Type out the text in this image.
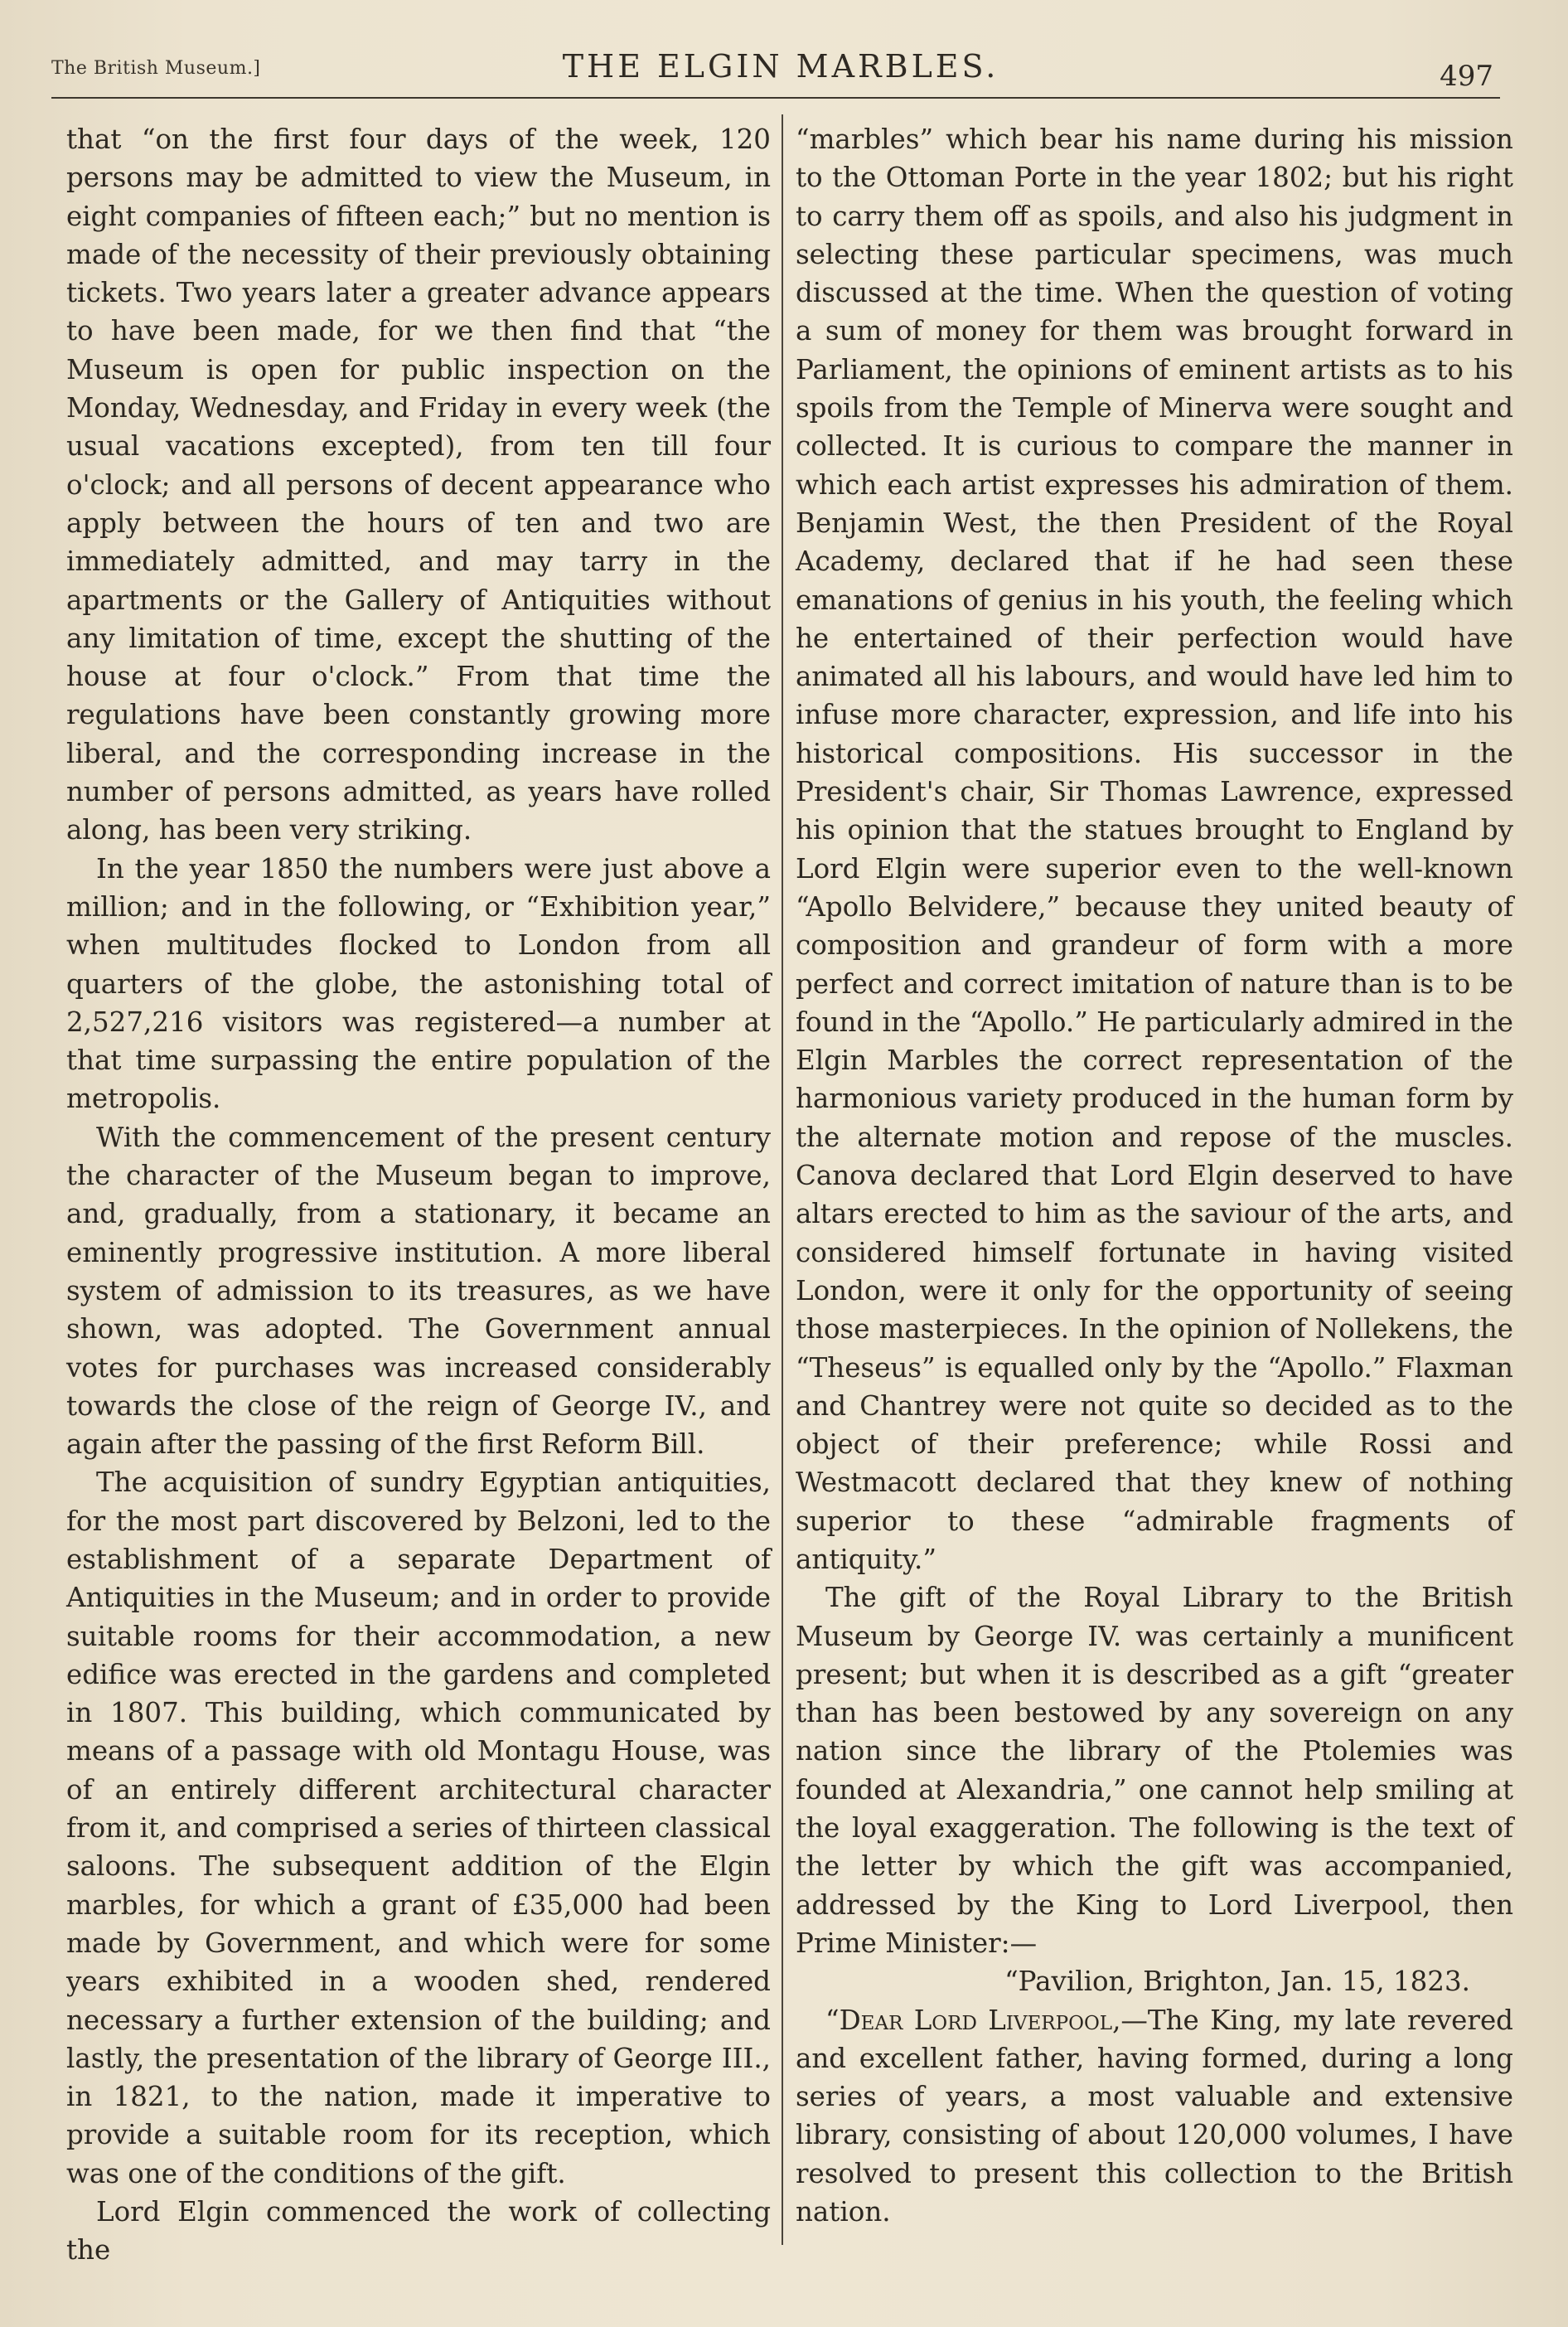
The British Museum.]	THE ELGIN MARBLES.	497

that “on the first four days of the week, 120 persons may be admitted to view the Museum, in eight companies of fifteen each;” but no mention is made of the necessity of their previously obtaining tickets. Two years later a greater advance appears to have been made, for we then find that “the Museum is open for public inspection on the Monday, Wednesday, and Friday in every week (the usual vacations excepted), from ten till four o'clock; and all persons of decent appearance who apply between the hours of ten and two are immediately admitted, and may tarry in the apartments or the Gallery of Antiquities without any limitation of time, except the shutting of the house at four o'clock.” From that time the regulations have been constantly growing more liberal, and the corresponding increase in the number of persons admitted, as years have rolled along, has been very striking.

In the year 1850 the numbers were just above a million; and in the following, or “Exhibition year,” when multitudes flocked to London from all quarters of the globe, the astonishing total of 2,527,216 visitors was registered—a number at that time surpassing the entire population of the metropolis.

With the commencement of the present century the character of the Museum began to improve, and, gradually, from a stationary, it became an eminently progressive institution. A more liberal system of admission to its treasures, as we have shown, was adopted. The Government annual votes for purchases was increased considerably towards the close of the reign of George IV., and again after the passing of the first Reform Bill.

The acquisition of sundry Egyptian antiquities, for the most part discovered by Belzoni, led to the establishment of a separate Department of Antiquities in the Museum; and in order to provide suitable rooms for their accommodation, a new edifice was erected in the gardens and completed in 1807. This building, which communicated by means of a passage with old Montagu House, was of an entirely different architectural character from it, and comprised a series of thirteen classical saloons. The subsequent addition of the Elgin marbles, for which a grant of £35,000 had been made by Government, and which were for some years exhibited in a wooden shed, rendered necessary a further extension of the building; and lastly, the presentation of the library of George III., in 1821, to the nation, made it imperative to provide a suitable room for its reception, which was one of the conditions of the gift.

Lord Elgin commenced the work of collecting the

“marbles” which bear his name during his mission to the Ottoman Porte in the year 1802; but his right to carry them off as spoils, and also his judgment in selecting these particular specimens, was much discussed at the time. When the question of voting a sum of money for them was brought forward in Parliament, the opinions of eminent artists as to his spoils from the Temple of Minerva were sought and collected. It is curious to compare the manner in which each artist expresses his admiration of them. Benjamin West, the then President of the Royal Academy, declared that if he had seen these emanations of genius in his youth, the feeling which he entertained of their perfection would have animated all his labours, and would have led him to infuse more character, expression, and life into his historical compositions. His successor in the President's chair, Sir Thomas Lawrence, expressed his opinion that the statues brought to England by Lord Elgin were superior even to the well-known “Apollo Belvidere,” because they united beauty of composition and grandeur of form with a more perfect and correct imitation of nature than is to be found in the “Apollo.” He particularly admired in the Elgin Marbles the correct representation of the harmonious variety produced in the human form by the alternate motion and repose of the muscles. Canova declared that Lord Elgin deserved to have altars erected to him as the saviour of the arts, and considered himself fortunate in having visited London, were it only for the opportunity of seeing those masterpieces. In the opinion of Nollekens, the “Theseus” is equalled only by the “Apollo.” Flaxman and Chantrey were not quite so decided as to the object of their preference; while Rossi and Westmacott declared that they knew of nothing superior to these “admirable fragments of antiquity.”

The gift of the Royal Library to the British Museum by George IV. was certainly a munificent present; but when it is described as a gift “greater than has been bestowed by any sovereign on any nation since the library of the Ptolemies was founded at Alexandria,” one cannot help smiling at the loyal exaggeration. The following is the text of the letter by which the gift was accompanied, addressed by the King to Lord Liverpool, then Prime Minister:—

“Pavilion, Brighton, Jan. 15, 1823.

“Dear Lord Liverpool,—The King, my late revered and excellent father, having formed, during a long series of years, a most valuable and extensive library, consisting of about 120,000 volumes, I have resolved to present this collection to the British nation.
